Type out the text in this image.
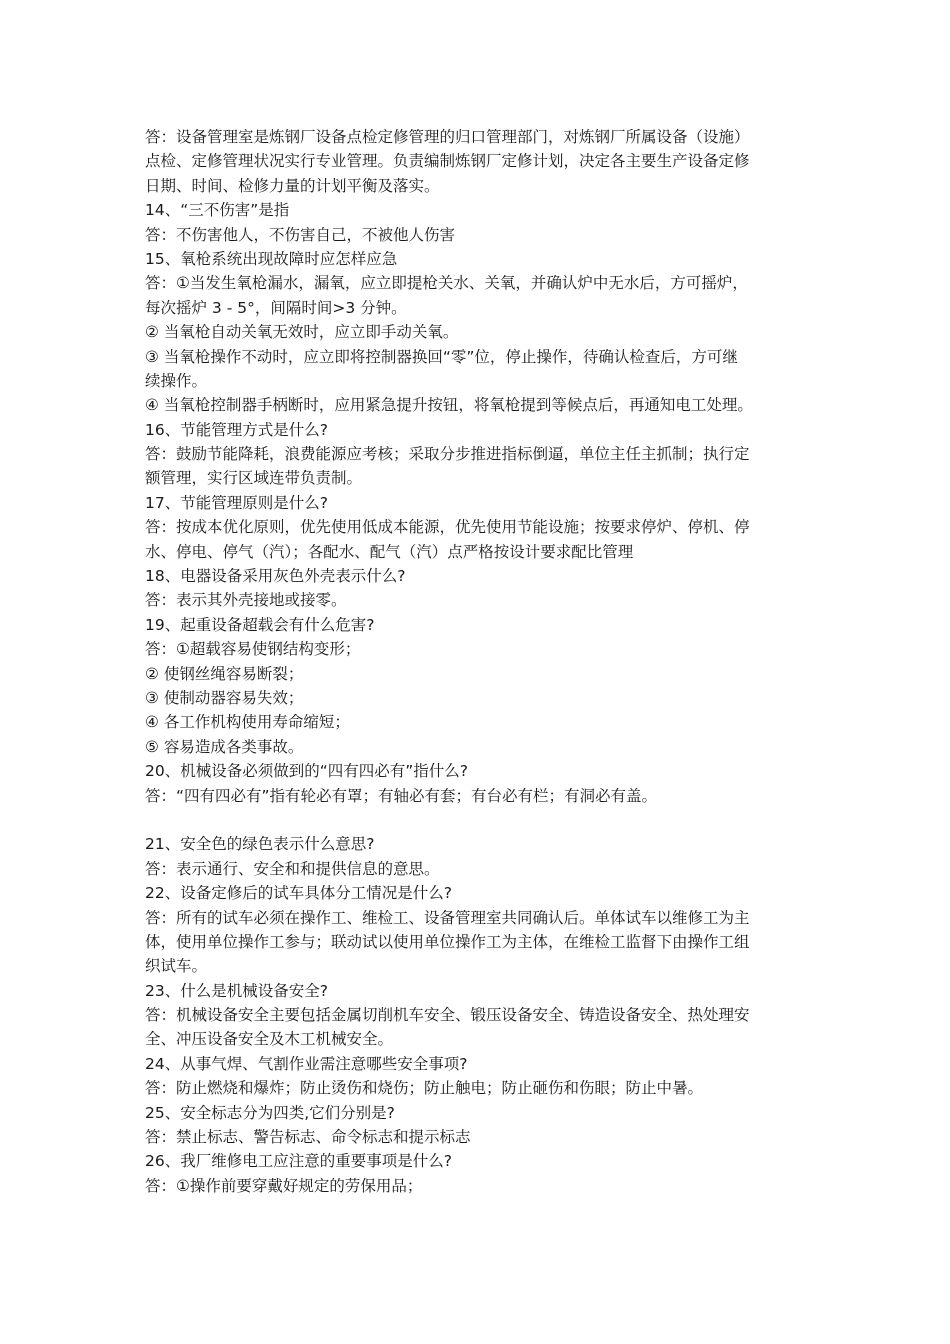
答：设备管理室是炼钢厂设备点检定修管理的归口管理部门，对炼钢厂所属设备（设施）
点检、定修管理状况实行专业管理。负责编制炼钢厂定修计划，决定各主要生产设备定修
日期、时间、检修力量的计划平衡及落实。
14、“三不伤害”是指
答：不伤害他人，不伤害自己，不被他人伤害
15、氧枪系统出现故障时应怎样应急
答：①当发生氧枪漏水，漏氧，应立即提枪关水、关氧，并确认炉中无水后，方可摇炉，
每次摇炉 3 - 5°，间隔时间>3 分钟。
② 当氧枪自动关氧无效时，应立即手动关氧。
③ 当氧枪操作不动时，应立即将控制器换回“零”位，停止操作，待确认检查后，方可继
续操作。
④ 当氧枪控制器手柄断时，应用紧急提升按钮，将氧枪提到等候点后，再通知电工处理。
16、节能管理方式是什么?
答：鼓励节能降耗，浪费能源应考核；采取分步推进指标倒逼，单位主任主抓制；执行定
额管理，实行区域连带负责制。
17、节能管理原则是什么?
答：按成本优化原则，优先使用低成本能源，优先使用节能设施；按要求停炉、停机、停
水、停电、停气（汽）；各配水、配气（汽）点严格按设计要求配比管理
18、电器设备采用灰色外壳表示什么?
答：表示其外壳接地或接零。
19、起重设备超载会有什么危害?
答：①超载容易使钢结构变形；
② 使钢丝绳容易断裂；
③ 使制动器容易失效；
④ 各工作机构使用寿命缩短；
⑤ 容易造成各类事故。
20、机械设备必须做到的“四有四必有”指什么?
答：“四有四必有”指有轮必有罩；有轴必有套；有台必有栏；有洞必有盖。
21、安全色的绿色表示什么意思?
答：表示通行、安全和和提供信息的意思。
22、设备定修后的试车具体分工情况是什么?
答：所有的试车必须在操作工、维检工、设备管理室共同确认后。单体试车以维修工为主
体，使用单位操作工参与；联动试以使用单位操作工为主体，在维检工监督下由操作工组
织试车。
23、什么是机械设备安全?
答：机械设备安全主要包括金属切削机车安全、锻压设备安全、铸造设备安全、热处理安
全、冲压设备安全及木工机械安全。
24、从事气焊、气割作业需注意哪些安全事项?
答：防止燃烧和爆炸；防止烫伤和烧伤；防止触电；防止砸伤和伤眼；防止中暑。
25、安全标志分为四类,它们分别是?
答：禁止标志、警告标志、命令标志和提示标志
26、我厂维修电工应注意的重要事项是什么?
答：①操作前要穿戴好规定的劳保用品；
